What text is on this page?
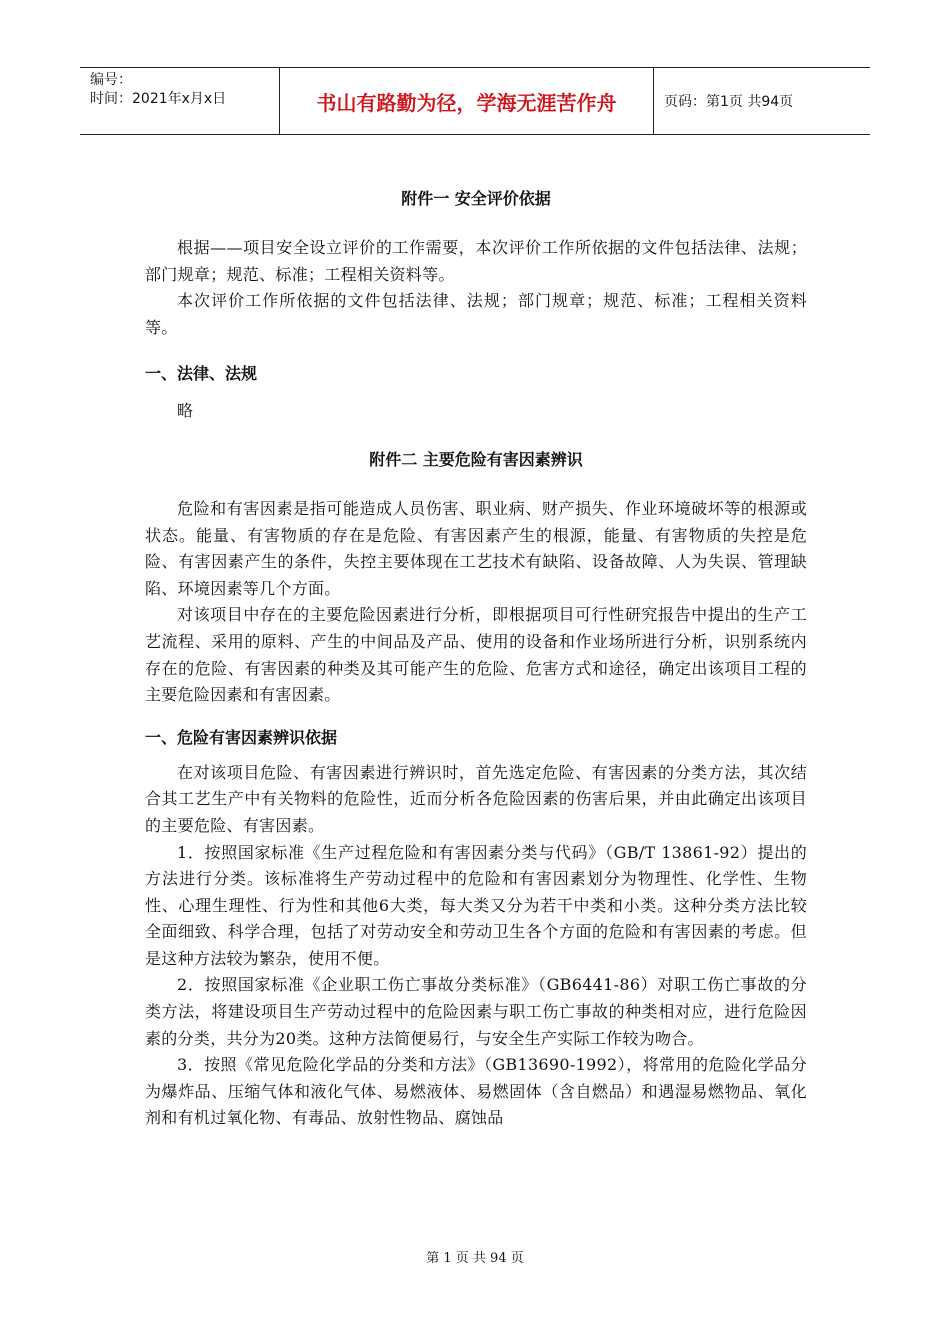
编号：
时间：2021年x月x日	书山有路勤为径，学海无涯苦作舟	页码：第1页 共94页
附件一 安全评价依据

根据——项目安全设立评价的工作需要，本次评价工作所依据的文件包括法律、法规；部门规章；规范、标准；工程相关资料等。

本次评价工作所依据的文件包括法律、法规；部门规章；规范、标准；工程相关资料等。

一、法律、法规

略

附件二 主要危险有害因素辨识

危险和有害因素是指可能造成人员伤害、职业病、财产损失、作业环境破坏等的根源或状态。能量、有害物质的存在是危险、有害因素产生的根源，能量、有害物质的失控是危险、有害因素产生的条件，失控主要体现在工艺技术有缺陷、设备故障、人为失误、管理缺陷、环境因素等几个方面。

对该项目中存在的主要危险因素进行分析，即根据项目可行性研究报告中提出的生产工艺流程、采用的原料、产生的中间品及产品、使用的设备和作业场所进行分析，识别系统内存在的危险、有害因素的种类及其可能产生的危险、危害方式和途径，确定出该项目工程的主要危险因素和有害因素。

一、危险有害因素辨识依据

在对该项目危险、有害因素进行辨识时，首先选定危险、有害因素的分类方法，其次结合其工艺生产中有关物料的危险性，近而分析各危险因素的伤害后果，并由此确定出该项目的主要危险、有害因素。

1．按照国家标准《生产过程危险和有害因素分类与代码》（GB/T 13861-92）提出的方法进行分类。该标准将生产劳动过程中的危险和有害因素划分为物理性、化学性、生物性、心理生理性、行为性和其他6大类，每大类又分为若干中类和小类。这种分类方法比较全面细致、科学合理，包括了对劳动安全和劳动卫生各个方面的危险和有害因素的考虑。但是这种方法较为繁杂，使用不便。

2．按照国家标准《企业职工伤亡事故分类标准》（GB6441-86）对职工伤亡事故的分类方法，将建设项目生产劳动过程中的危险因素与职工伤亡事故的种类相对应，进行危险因素的分类，共分为20类。这种方法简便易行，与安全生产实际工作较为吻合。

3．按照《常见危险化学品的分类和方法》（GB13690-1992），将常用的危险化学品分为爆炸品、压缩气体和液化气体、易燃液体、易燃固体（含自燃品）和遇湿易燃物品、氧化剂和有机过氧化物、有毒品、放射性物品、腐蚀品

第 1 页 共 94 页
